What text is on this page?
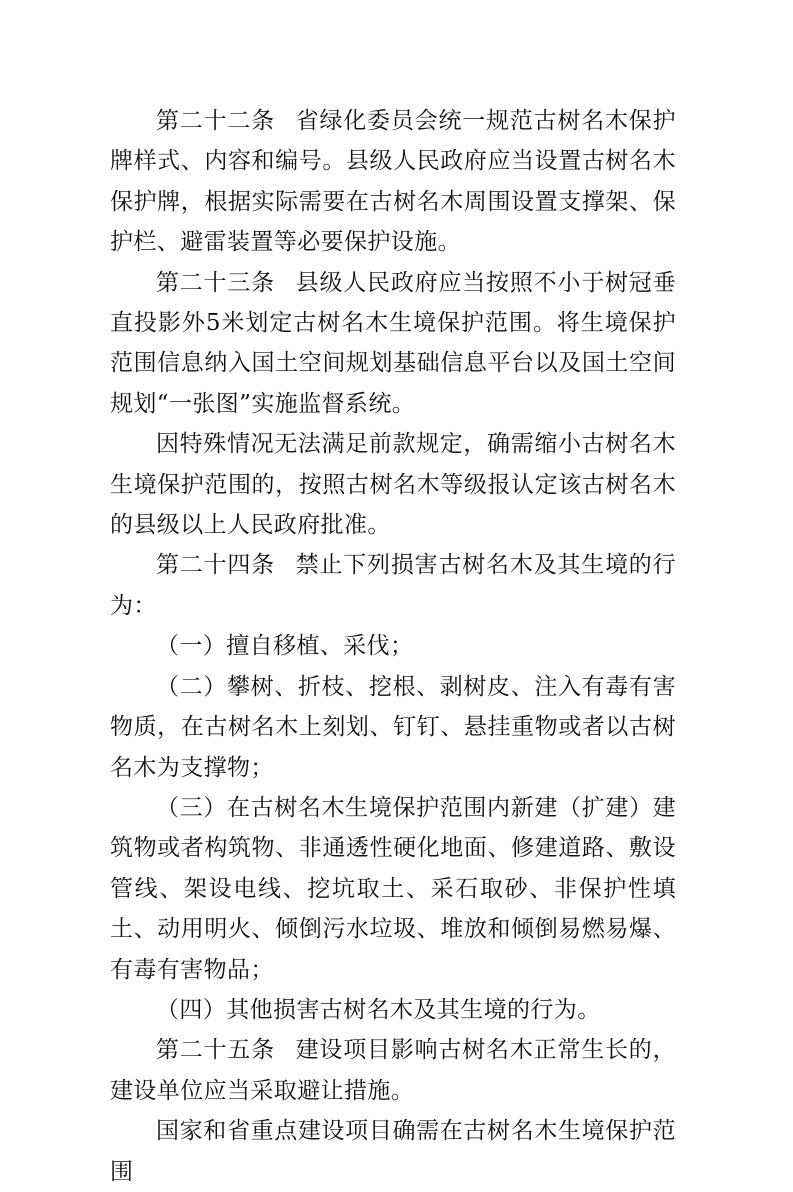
第二十二条 省绿化委员会统一规范古树名木保护牌样式、内容和编号。县级人民政府应当设置古树名木保护牌，根据实际需要在古树名木周围设置支撑架、保护栏、避雷装置等必要保护设施。

第二十三条 县级人民政府应当按照不小于树冠垂直投影外5米划定古树名木生境保护范围。将生境保护范围信息纳入国土空间规划基础信息平台以及国土空间规划“一张图”实施监督系统。

因特殊情况无法满足前款规定，确需缩小古树名木生境保护范围的，按照古树名木等级报认定该古树名木的县级以上人民政府批准。

第二十四条 禁止下列损害古树名木及其生境的行为：

（一）擅自移植、采伐；

（二）攀树、折枝、挖根、剥树皮、注入有毒有害物质，在古树名木上刻划、钉钉、悬挂重物或者以古树名木为支撑物；

（三）在古树名木生境保护范围内新建（扩建）建筑物或者构筑物、非通透性硬化地面、修建道路、敷设管线、架设电线、挖坑取土、采石取砂、非保护性填土、动用明火、倾倒污水垃圾、堆放和倾倒易燃易爆、有毒有害物品；

（四）其他损害古树名木及其生境的行为。

第二十五条 建设项目影响古树名木正常生长的，建设单位应当采取避让措施。

国家和省重点建设项目确需在古树名木生境保护范围
